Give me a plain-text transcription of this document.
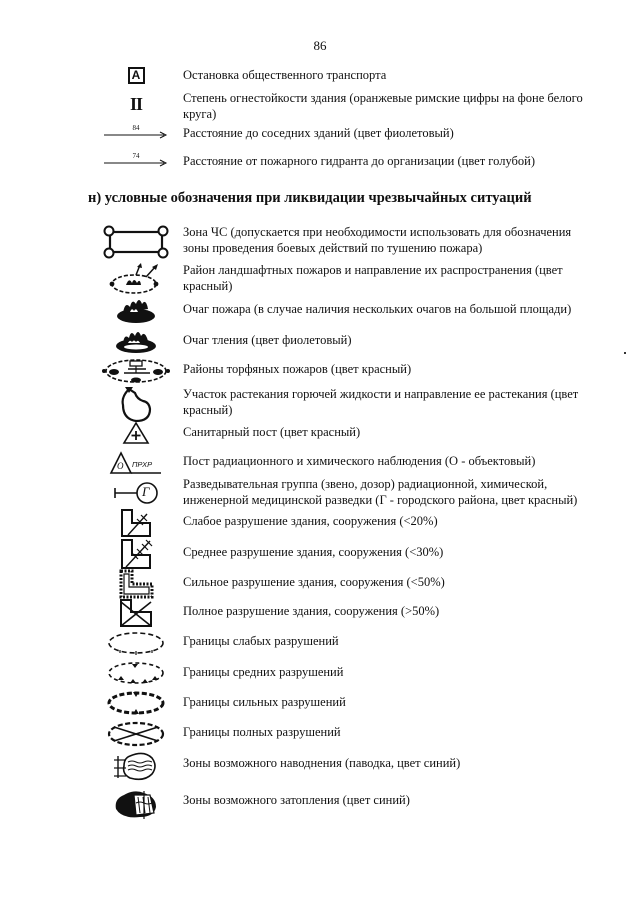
86
A	Остановка общественного транспорта
II	Степень огнестойкости здания (оранжевые римские цифры на фоне белого круга)
84	Расстояние до соседних зданий (цвет фиолетовый)
74	Расстояние от пожарного гидранта до организации (цвет голубой)
н) условные обозначения при ликвидации чрезвычайных ситуаций
Зона ЧС (допускается при необходимости использовать для обозначения зоны проведения боевых действий по тушению пожара)
Район ландшафтных пожаров и направление их распространения (цвет красный)
Очаг пожара (в случае наличия нескольких очагов на большой площади)
Очаг тления (цвет фиолетовый)
Районы торфяных пожаров (цвет красный)
Участок растекания горючей жидкости и направление ее растекания (цвет красный)
Санитарный пост (цвет красный)
О ПРХР Пост радиационного и химического наблюдения (О - объектовый)
Г	Разведывательная группа (звено, дозор) радиационной, химической, инженерной медицинской разведки (Г - городского района, цвет красный)
Слабое разрушение здания, сооружения (<20%)
Среднее разрушение здания, сооружения (<30%)
Сильное разрушение здания, сооружения (<50%)
Полное разрушение здания, сооружения (>50%)
Границы слабых разрушений
Границы средних разрушений
Границы сильных разрушений
Границы полных разрушений
Зоны возможного наводнения (паводка, цвет синий)
Зоны возможного затопления (цвет синий)
